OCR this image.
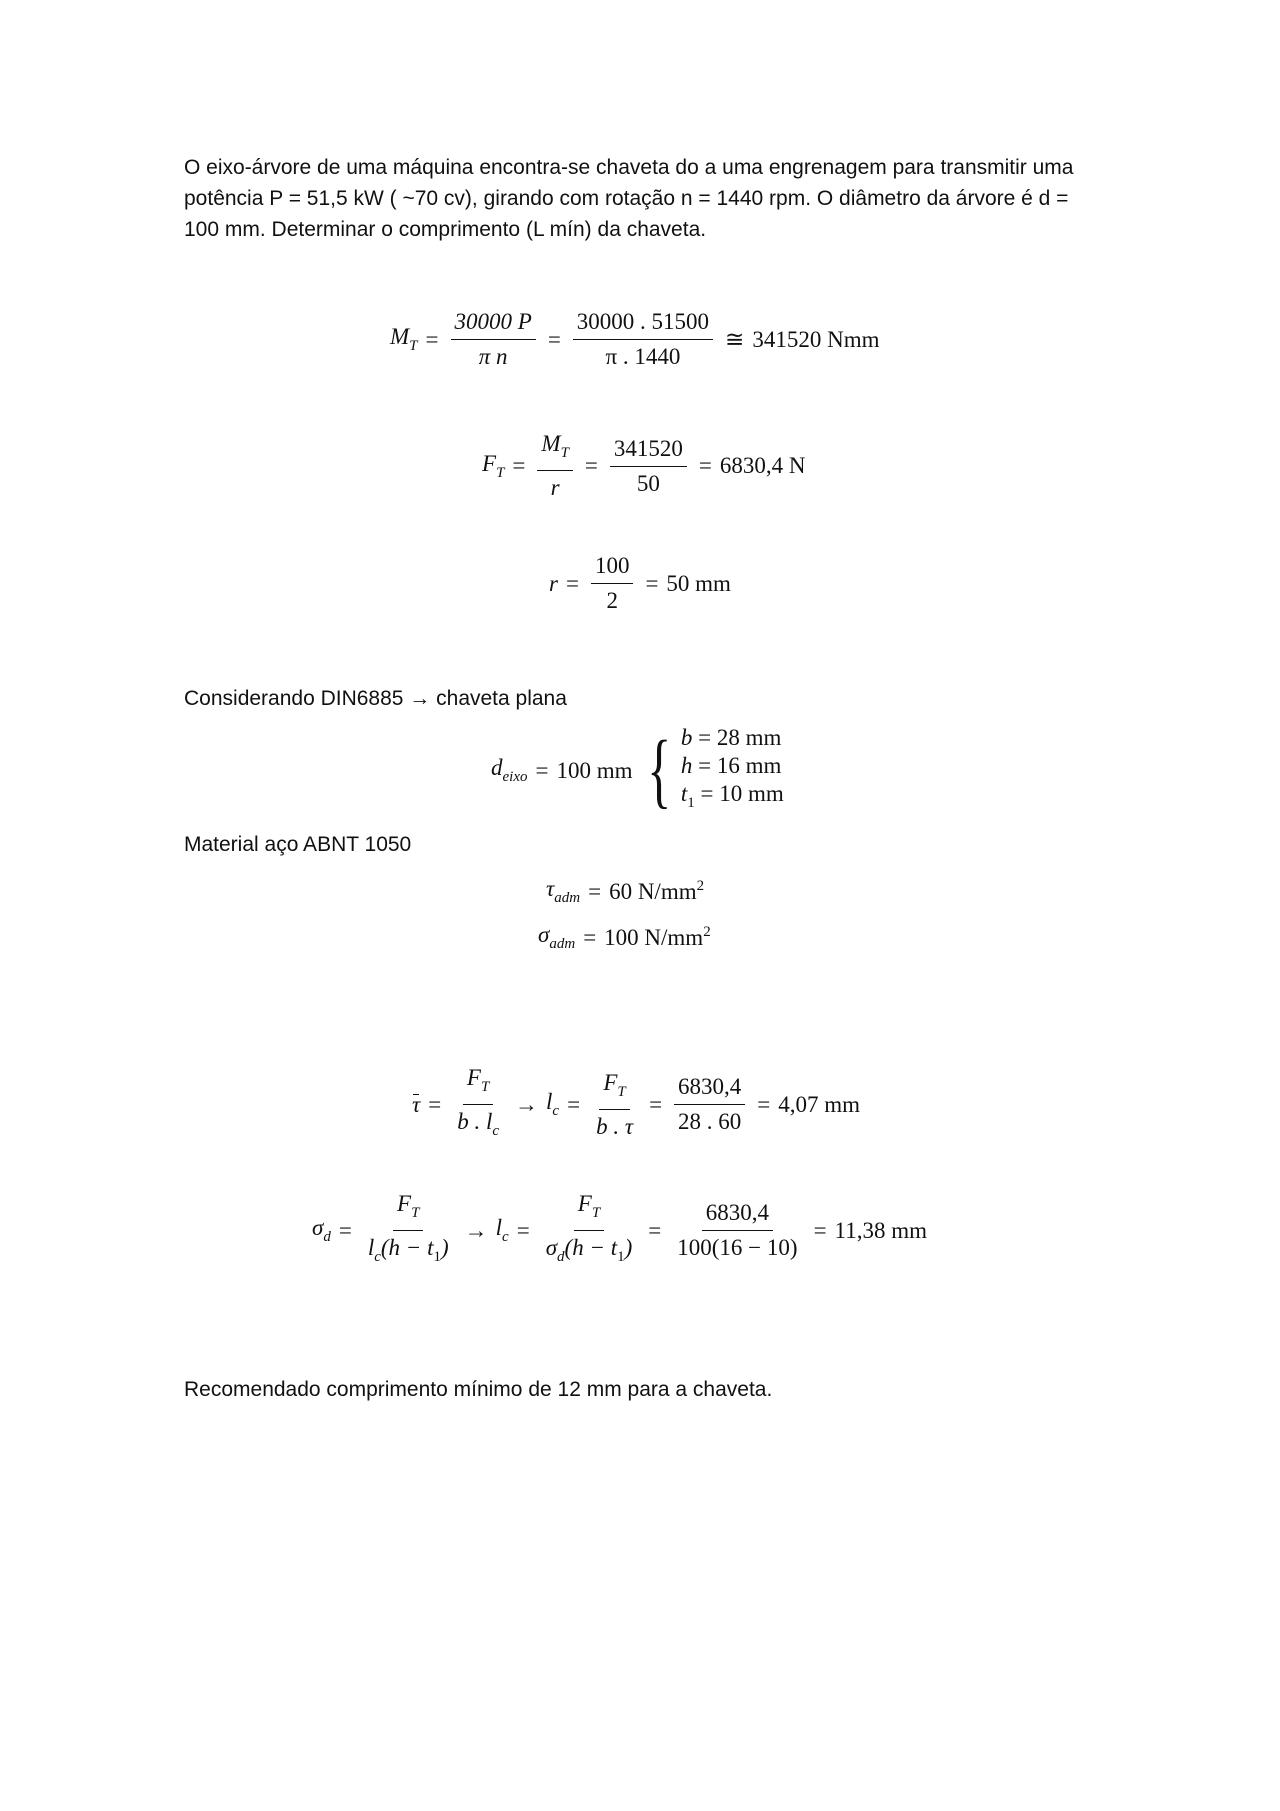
O eixo-árvore de uma máquina encontra-se chaveta do a uma engrenagem para transmitir uma potência P = 51,5 kW ( ~70 cv), girando com rotação n = 1440 rpm. O diâmetro da árvore é d = 100 mm. Determinar o comprimento (L mín) da chaveta.

$M_T = \frac{30000 P}{\text{π n}} = \frac{30000 . 51500}{\pi . 1440}$ ≅ 341520 Nmm
$F_T = \frac{M_T}{r} = \frac{341520}{50} = 6830,4$ N
$r = \frac{100}{2} = 50$ mm

Considerando DIN6885 → chaveta plana

$d_{eixo} = 100$ mm { b = 28 mm
h = 16 mm
$t_1 = 10$ mm

Material aço ABNT 1050

$\tau_{adm} = 60$ $N/mm^2$
$\sigma_{adm} = 100$ $N/mm^2$
$\tau = \frac{F_T}{b . l_c} \to l_c = \frac{F_T}{b . \tau} = \frac{6830,4}{28 . 60} = 4,07$ mm
$\sigma_d = \frac{F_T}{l_c(h - t_1)} \to l_c = \frac{F_T}{\sigma_d(h - t_1)} = \frac{6830,4}{100(16 - 10)} = 11,38$ mm

Recomendado comprimento mínimo de 12 mm para a chaveta.
